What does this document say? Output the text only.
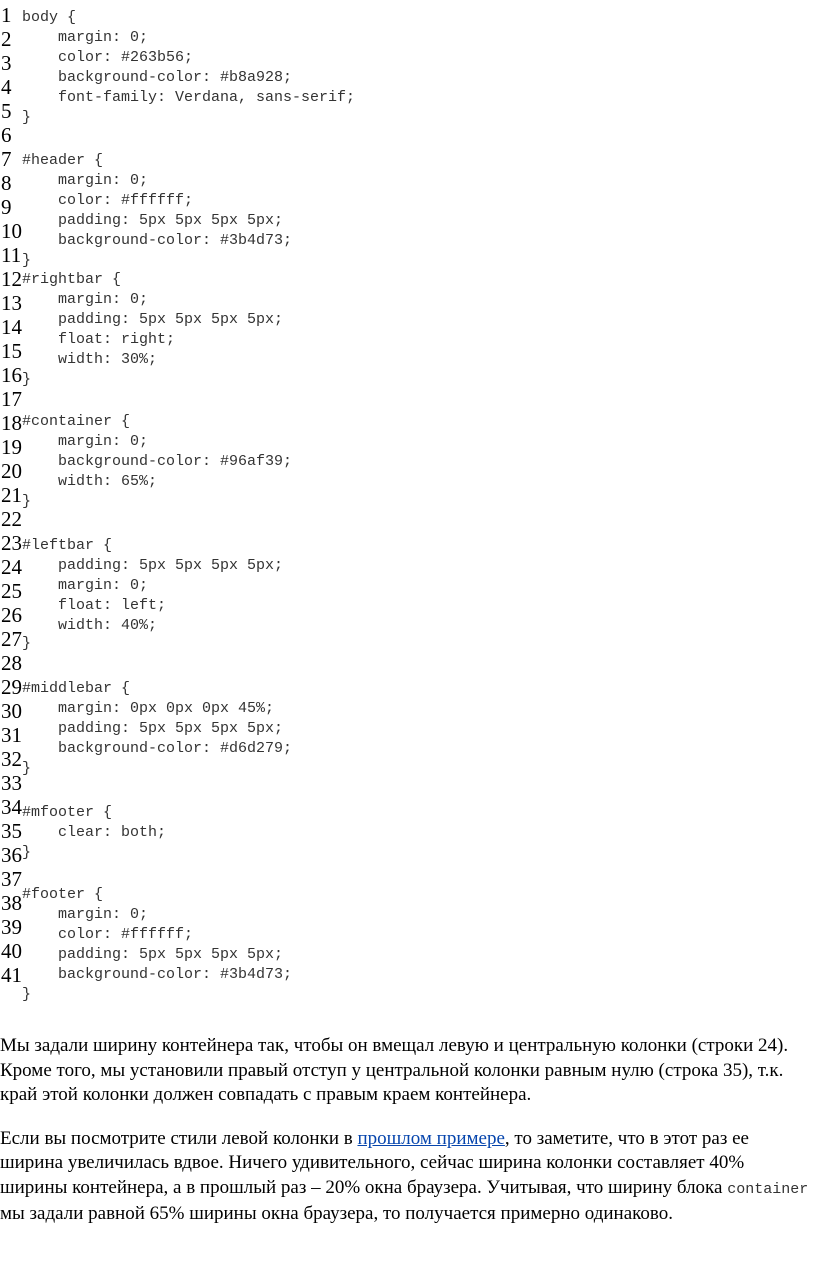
1
2
3
4
5
6
7
8
9
10
11
12
13
14
15
16
17
18
19
20
21
22
23
24
25
26
27
28
29
30
31
32
33
34
35
36
37
38
39
40
41
body {
margin: 0;
color: #263b56;
background-color: #b8a928;
font-family: Verdana, sans-serif;
}
#header {
margin: 0;
color: #ffffff;
padding: 5px 5px 5px 5px;
background-color: #3b4d73;
}
#rightbar {
margin: 0;
padding: 5px 5px 5px 5px;
float: right;
width: 30%;
}
#container {
margin: 0;
background-color: #96af39;
width: 65%;
}
#leftbar {
padding: 5px 5px 5px 5px;
margin: 0;
float: left;
width: 40%;
}
#middlebar {
margin: 0px 0px 0px 45%;
padding: 5px 5px 5px 5px;
background-color: #d6d279;
}
#mfooter {
clear: both;
}
#footer {
margin: 0;
color: #ffffff;
padding: 5px 5px 5px 5px;
background-color: #3b4d73;
}

Мы задали ширину контейнера так, чтобы он вмещал левую и центральную колонки (строки 24). Кроме того, мы установили правый отступ у центральной колонки равным нулю (строка 35), т.к. край этой колонки должен совпадать с правым краем контейнера.

Если вы посмотрите стили левой колонки в прошлом примере, то заметите, что в этот раз ее ширина увеличилась вдвое. Ничего удивительного, сейчас ширина колонки составляет 40% ширины контейнера, а в прошлый раз – 20% окна браузера. Учитывая, что ширину блока container мы задали равной 65% ширины окна браузера, то получается примерно одинаково.
